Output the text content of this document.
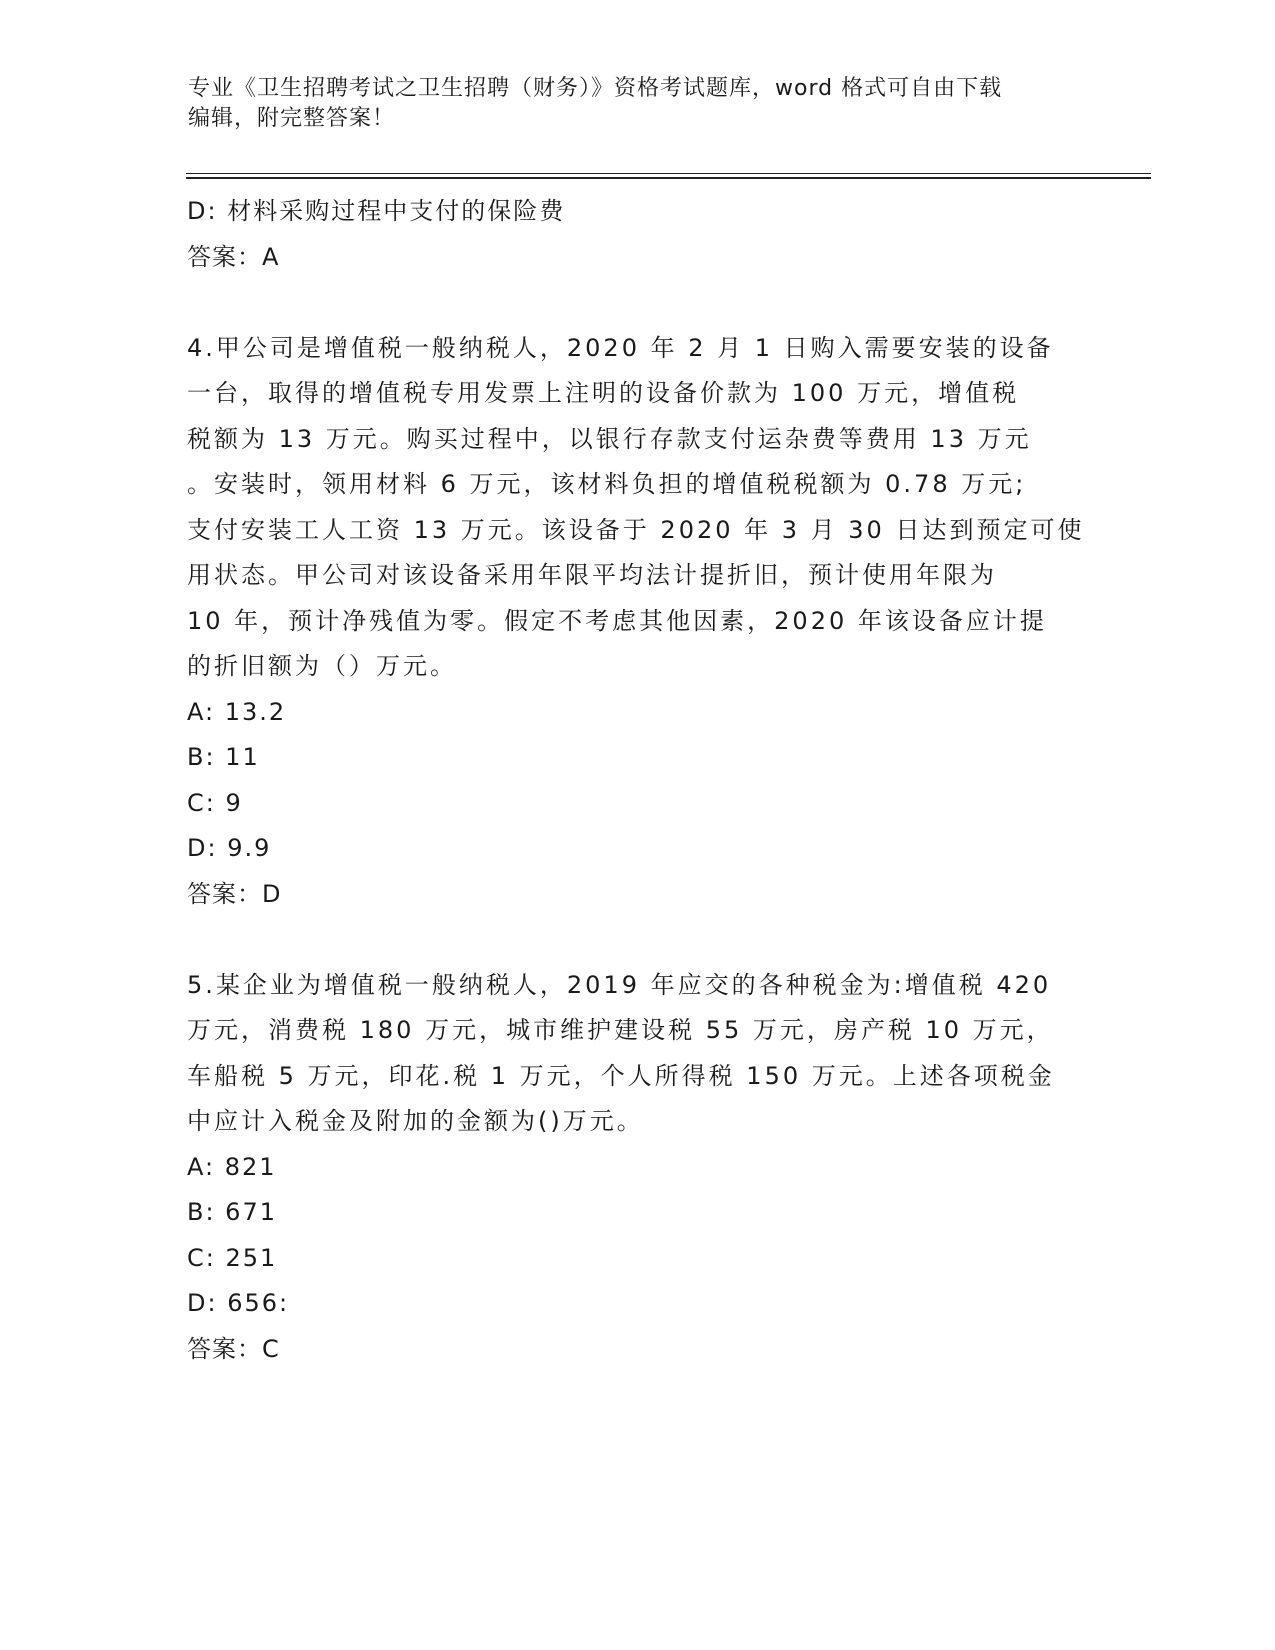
专业《卫生招聘考试之卫生招聘（财务）》资格考试题库，word 格式可自由下载
编辑，附完整答案！
D: 材料采购过程中支付的保险费
答案：A
4.甲公司是增值税一般纳税人，2020 年 2 月 1 日购入需要安装的设备
一台，取得的增值税专用发票上注明的设备价款为 100 万元，增值税
税额为 13 万元。购买过程中，以银行存款支付运杂费等费用 13 万元
。安装时，领用材料 6 万元，该材料负担的增值税税额为 0.78 万元;
支付安装工人工资 13 万元。该设备于 2020 年 3 月 30 日达到预定可使
用状态。甲公司对该设备采用年限平均法计提折旧，预计使用年限为
10 年，预计净残值为零。假定不考虑其他因素，2020 年该设备应计提
的折旧额为（）万元。
A: 13.2
B: 11
C: 9
D: 9.9
答案：D
5.某企业为增值税一般纳税人，2019 年应交的各种税金为:增值税 420
万元，消费税 180 万元，城市维护建设税 55 万元，房产税 10 万元，
车船税 5 万元，印花.税 1 万元，个人所得税 150 万元。上述各项税金
中应计入税金及附加的金额为()万元。
A: 821
B: 671
C: 251
D: 656:
答案：C
